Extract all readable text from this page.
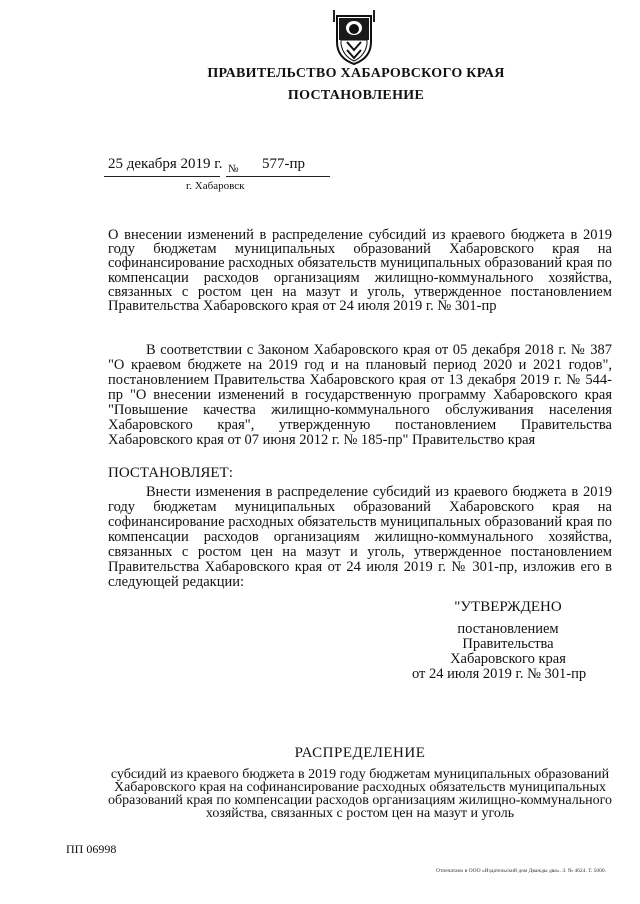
ПРАВИТЕЛЬСТВО ХАБАРОВСКОГО КРАЯ
ПОСТАНОВЛЕНИЕ
25 декабря 2019 г. № 577-пр
г. Хабаровск
О внесении изменений в распределение субсидий из краевого бюджета в 2019 году бюджетам муниципальных образований Хабаровского края на софинансирование расходных обязательств муниципальных образований края по компенсации расходов организациям жилищно-коммунального хозяйства, связанных с ростом цен на мазут и уголь, утвержденное постановлением Правительства Хабаровского края от 24 июля 2019 г. № 301-пр
В соответствии с Законом Хабаровского края от 05 декабря 2018 г. № 387 "О краевом бюджете на 2019 год и на плановый период 2020 и 2021 годов", постановлением Правительства Хабаровского края от 13 декабря 2019 г. № 544-пр "О внесении изменений в государственную программу Хабаровского края "Повышение качества жилищно-коммунального обслуживания населения Хабаровского края", утвержденную постановлением Правительства Хабаровского края от 07 июня 2012 г. № 185-пр" Правительство края
ПОСТАНОВЛЯЕТ:
Внести изменения в распределение субсидий из краевого бюджета в 2019 году бюджетам муниципальных образований Хабаровского края на софинансирование расходных обязательств муниципальных образований края по компенсации расходов организациям жилищно-коммунального хозяйства, связанных с ростом цен на мазут и уголь, утвержденное постановлением Правительства Хабаровского края от 24 июля 2019 г. № 301-пр, изложив его в следующей редакции:
"УТВЕРЖДЕНО
постановлением
Правительства
Хабаровского края
от 24 июля 2019 г. № 301-пр
РАСПРЕДЕЛЕНИЕ
субсидий из краевого бюджета в 2019 году бюджетам муниципальных образований Хабаровского края на софинансирование расходных обязательств муниципальных образований края по компенсации расходов организациям жилищно-коммунального хозяйства, связанных с ростом цен на мазут и уголь
ПП 06998
Отпечатано в ООО «Издательский дом Дважды два». З. № 4624. Т. 5000.
